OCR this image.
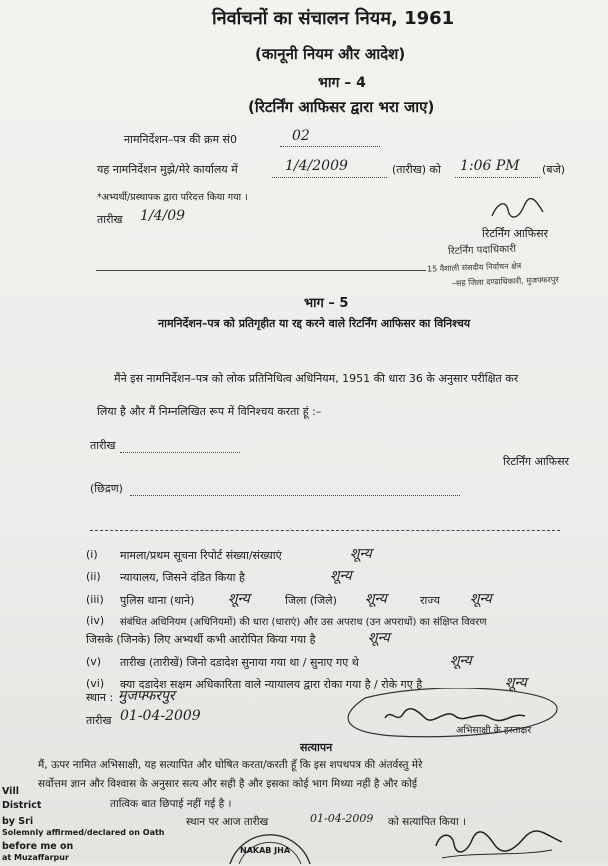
निर्वाचनों का संचालन नियम, 1961
(कानूनी नियम और आदेश)
भाग – 4
(रिटर्निंग आफिसर द्वारा भरा जाए)
नामनिर्देशन–पत्र की क्रम सं0	02
यह नामनिर्देशन मुझे/मेरे कार्यालय में	1/4/2009	(तारीख) को 1:06 PM (बजे)
*अभ्यर्थी/प्रस्थापक द्वारा परिदत्त किया गया ।
तारीख 1/4/09
रिटर्निंग आफिसर
रिटर्निंग पदाधिकारी
15 वैशाली संसदीय निर्वाचन क्षेत्र
–सह जिला दण्डाधिकारी, मुजफ्फरपुर
भाग – 5
नामनिर्देशन–पत्र को प्रतिगृहीत या रद्द करने वाले रिटर्निंग आफिसर का विनिश्चय
मैंने इस नामनिर्देशन–पत्र को लोक प्रतिनिधित्व अधिनियम, 1951 की धारा 36 के अनुसार परीक्षित कर
लिया है और मैं निम्नलिखित रूप में विनिश्चय करता हूं :–
तारीख
रिटर्निंग आफिसर
(छिद्रण)
(i) मामला/प्रथम सूचना रिपोर्ट संख्या/संख्याएं	शून्य
(ii) न्यायालय, जिसने दंडित किया है	शून्य
(iii) पुलिस थाना (थाने) शून्य	जिला (जिले) शून्य	राज्य शून्य
(iv) संबंधित अधिनियम (अधिनियमों) की धारा (धाराएं) और उस अपराध (उन अपराधों) का संक्षिप्त विवरण
जिसके (जिनके) लिए अभ्यर्थी कभी आरोपित किया गया है	शून्य
(v) तारीख (तारीखें) जिनो दडादेश सुनाया गया था / सुनाए गए थे	शून्य
(vi) क्या दडादेश सक्षम अधिकारिता वाले न्यायालय द्वारा रोका गया है / रोके गए है	शून्य
स्थान : मुजफ्फरपुर
तारीख 01-04-2009
अभिसाक्षी के हस्ताक्षर
सत्यापन
मैं, ऊपर नामित अभिसाक्षी, यह सत्यापित और घोषित करता/करती हूँ कि इस शपथपत्र की अंतर्वस्तु मेरे
सर्वोत्तम ज्ञान और विश्वास के अनुसार सत्य और सही है और इसका कोई भाग मिथ्या नहीं है और कोई
तात्विक बात छिपाई नहीं गई है ।
स्थान पर आज तारीख	01-04-2009 को सत्यापित किया ।
Vill
District
by Sri
Solemnly affirmed/declared on Oath
before me on
at Muzaffarpur
NAKAB JHA
